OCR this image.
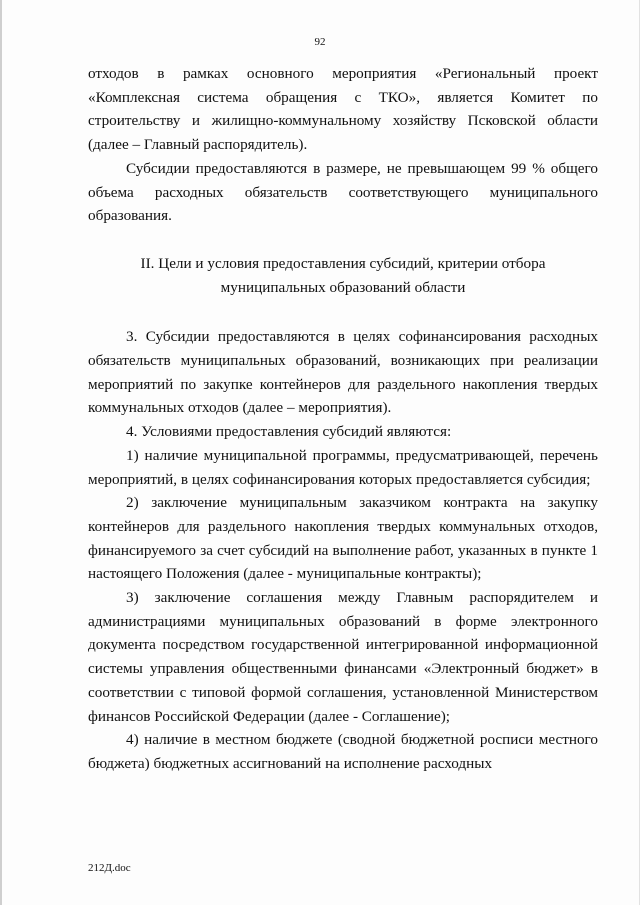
92

отходов в рамках основного мероприятия «Региональный проект «Комплексная система обращения с ТКО», является Комитет по строительству и жилищно-коммунальному хозяйству Псковской области (далее – Главный распорядитель).

Субсидии предоставляются в размере, не превышающем 99 % общего объема расходных обязательств соответствующего муниципального образования.

II. Цели и условия предоставления субсидий, критерии отбора

муниципальных образований области

3. Субсидии предоставляются в целях софинансирования расходных обязательств муниципальных образований, возникающих при реализации мероприятий по закупке контейнеров для раздельного накопления твердых коммунальных отходов (далее – мероприятия).

4. Условиями предоставления субсидий являются:

1) наличие муниципальной программы, предусматривающей, перечень мероприятий, в целях софинансирования которых предоставляется субсидия;

2) заключение муниципальным заказчиком контракта на закупку контейнеров для раздельного накопления твердых коммунальных отходов, финансируемого за счет субсидий на выполнение работ, указанных в пункте 1 настоящего Положения (далее - муниципальные контракты);

3) заключение соглашения между Главным распорядителем и администрациями муниципальных образований в форме электронного документа посредством государственной интегрированной информационной системы управления общественными финансами «Электронный бюджет» в соответствии с типовой формой соглашения, установленной Министерством финансов Российской Федерации (далее - Соглашение);

4) наличие в местном бюджете (сводной бюджетной росписи местного бюджета) бюджетных ассигнований на исполнение расходных

212Д.doc
